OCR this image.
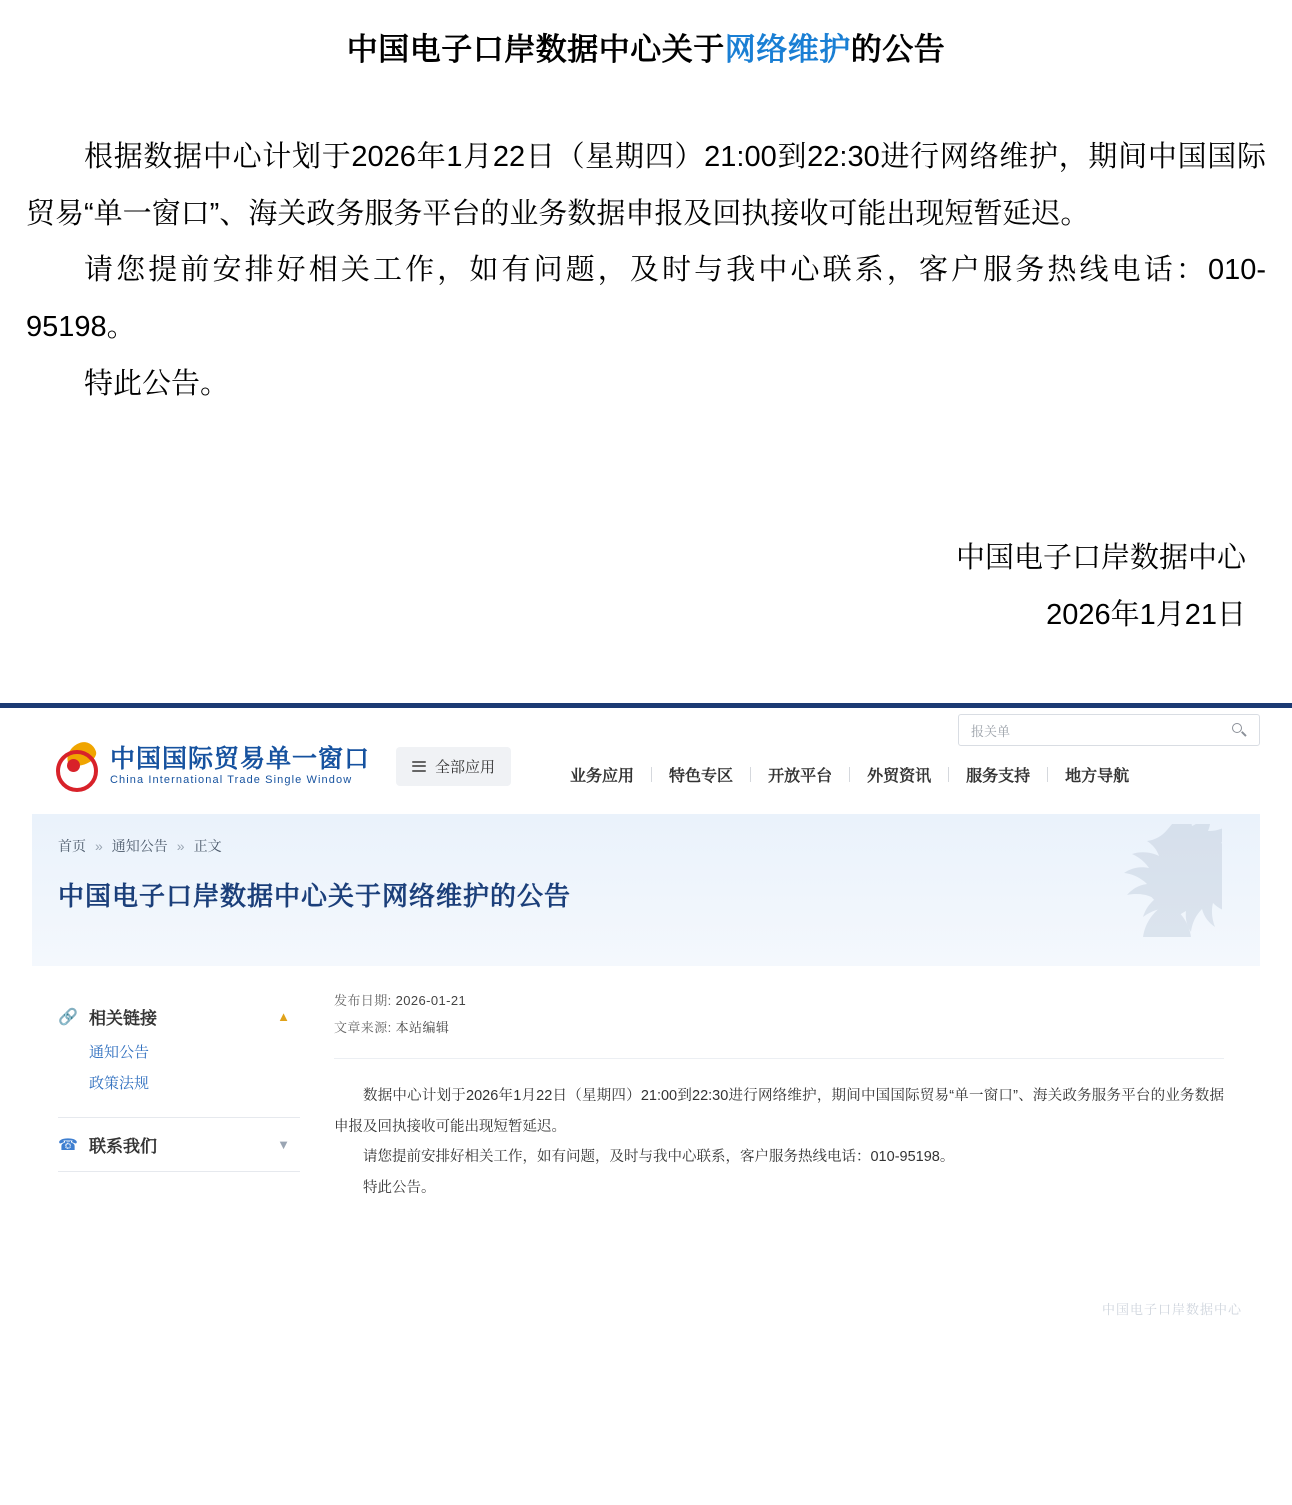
中国电子口岸数据中心关于网络维护的公告

根据数据中心计划于2026年1月22日（星期四）21:00到22:30进行网络维护，期间中国国际贸易“单一窗口”、海关政务服务平台的业务数据申报及回执接收可能出现短暂延迟。

请您提前安排好相关工作，如有问题，及时与我中心联系，客户服务热线电话：010-95198。

特此公告。

中国电子口岸数据中心
2026年1月21日
中国国际贸易单一窗口
China International Trade Single Window
全部应用
业务应用	特色专区	开放平台	外贸资讯	服务支持	地方导航
报关单
首页 » 通知公告 » 正文
中国电子口岸数据中心关于网络维护的公告
🔗 相关链接	▲
通知公告
政策法规
☎ 联系我们	▼
发布日期: 2026-01-21
文章来源: 本站编辑

数据中心计划于2026年1月22日（星期四）21:00到22:30进行网络维护，期间中国国际贸易“单一窗口”、海关政务服务平台的业务数据申报及回执接收可能出现短暂延迟。

请您提前安排好相关工作，如有问题，及时与我中心联系，客户服务热线电话：010-95198。

特此公告。

中国电子口岸数据中心
